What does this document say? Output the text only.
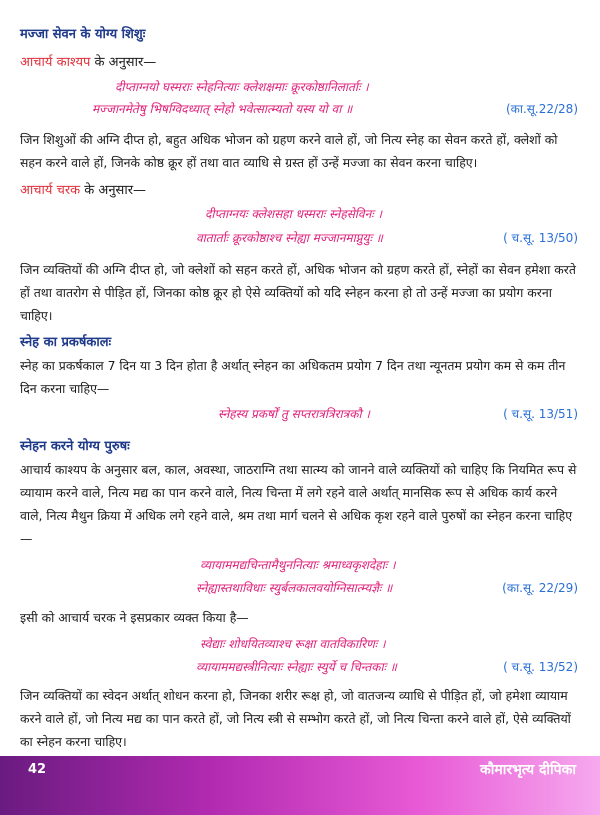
मज्जा सेवन के योग्य शिशुः
आचार्य काश्यप के अनुसार—
दीप्ताग्नयो घस्मराः स्नेहनित्याः क्लेशक्षमाः क्रूरकोष्ठानिलार्ताः ।
मज्जानमेतेषु भिषग्विदध्यात् स्नेहो भवेत्सात्म्यतो यस्य यो वा ॥	(का.सू.22/28)
जिन शिशुओं की अग्नि दीप्त हो, बहुत अधिक भोजन को ग्रहण करने वाले हों, जो नित्य स्नेह का सेवन करते हों, क्लेशों को सहन करने वाले हों, जिनके कोष्ठ क्रूर हों तथा वात व्याधि से ग्रस्त हों उन्हें मज्जा का सेवन करना चाहिए।
आचार्य चरक के अनुसार—
दीप्ताग्नयः क्लेशसहा धस्मराः स्नेहसेविनः ।
वातार्ताः क्रूरकोष्ठाश्च स्नेह्या मज्जानमाप्नुयुः ॥	( च.सू. 13/50)
जिन व्यक्तियों की अग्नि दीप्त हो, जो क्लेशों को सहन करते हों, अधिक भोजन को ग्रहण करते हों, स्नेहों का सेवन हमेशा करते हों तथा वातरोग से पीड़ित हों, जिनका कोष्ठ क्रूर हो ऐसे व्यक्तियों को यदि स्नेहन करना हो तो उन्हें मज्जा का प्रयोग करना चाहिए।
स्नेह का प्रकर्षकालः
स्नेह का प्रकर्षकाल 7 दिन या 3 दिन होता है अर्थात् स्नेहन का अधिकतम प्रयोग 7 दिन तथा न्यूनतम प्रयोग कम से कम तीन दिन करना चाहिए—
स्नेहस्य प्रकर्षों तु सप्तरात्रत्रिरात्रकौ ।	( च.सू. 13/51)
स्नेहन करने योग्य पुरुषः
आचार्य काश्यप के अनुसार बल, काल, अवस्था, जाठराग्नि तथा सात्म्य को जानने वाले व्यक्तियों को चाहिए कि नियमित रूप से व्यायाम करने वाले, नित्य मद्य का पान करने वाले, नित्य चिन्ता में लगे रहने वाले अर्थात् मानसिक रूप से अधिक कार्य करने वाले, नित्य मैथुन क्रिया में अधिक लगे रहने वाले, श्रम तथा मार्ग चलने से अधिक कृश रहने वाले पुरुषों का स्नेहन करना चाहिए—
व्यायाममद्यचिन्तामैथुननित्याः श्रमाध्वकृशदेहाः ।
स्नेह्यास्तथाविधाः स्युर्बलकालवयोग्निसात्म्यज्ञैः ॥	(का.सू. 22/29)
इसी को आचार्य चरक ने इसप्रकार व्यक्त किया है—
स्वेद्याः शोधयितव्याश्च रूक्षा वातविकारिणः ।
व्यायाममद्यस्त्रीनित्याः स्नेह्याः स्युर्ये च चिन्तकाः ॥	( च.सू. 13/52)
जिन व्यक्तियों का स्वेदन अर्थात् शोधन करना हो, जिनका शरीर रूक्ष हो, जो वातजन्य व्याधि से पीड़ित हों, जो हमेशा व्यायाम करने वाले हों, जो नित्य मद्य का पान करते हों, जो नित्य स्त्री से सम्भोग करते हों, जो नित्य चिन्ता करने वाले हों, ऐसे व्यक्तियों का स्नेहन करना चाहिए।
42	कौमारभृत्य दीपिका
